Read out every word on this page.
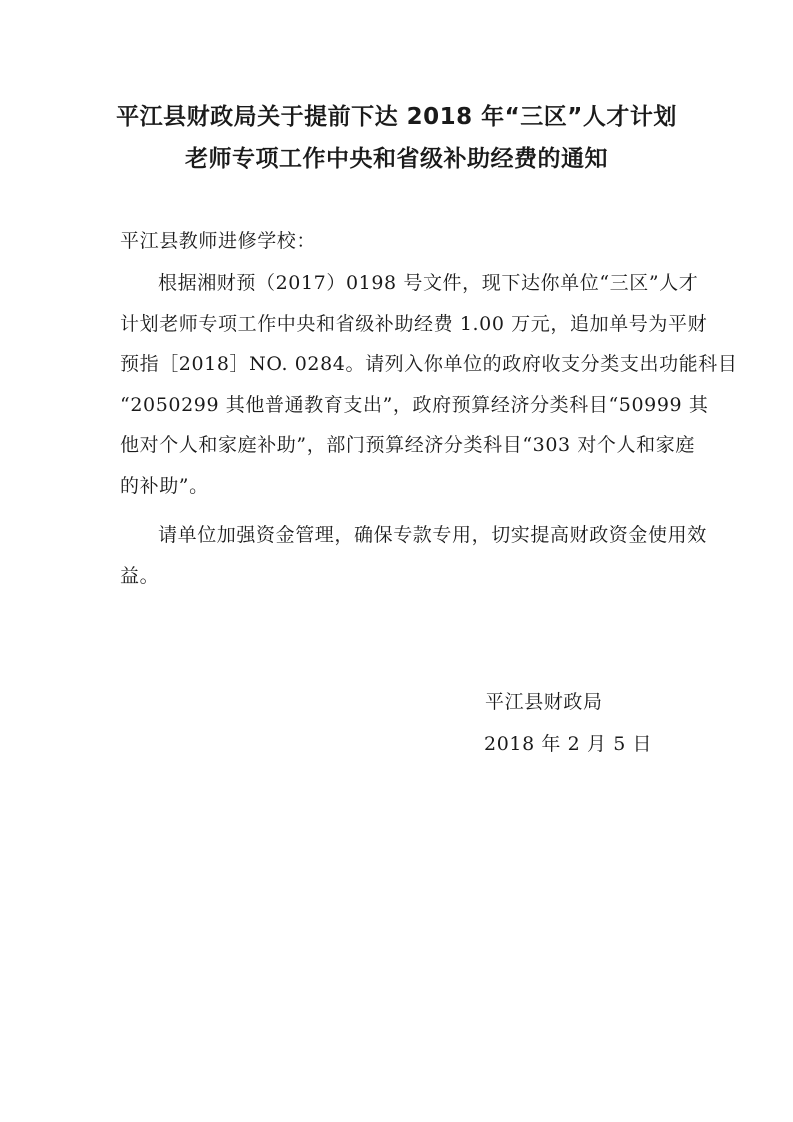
平江县财政局关于提前下达 2018 年“三区”人才计划
老师专项工作中央和省级补助经费的通知
平江县教师进修学校：
根据湘财预（2017）0198 号文件，现下达你单位“三区”人才
计划老师专项工作中央和省级补助经费 1.00 万元，追加单号为平财
预指［2018］NO. 0284。请列入你单位的政府收支分类支出功能科目
“2050299 其他普通教育支出”，政府预算经济分类科目“50999 其
他对个人和家庭补助”，部门预算经济分类科目“303 对个人和家庭
的补助”。
请单位加强资金管理，确保专款专用，切实提高财政资金使用效
益。
平江县财政局
2018 年 2 月 5 日
